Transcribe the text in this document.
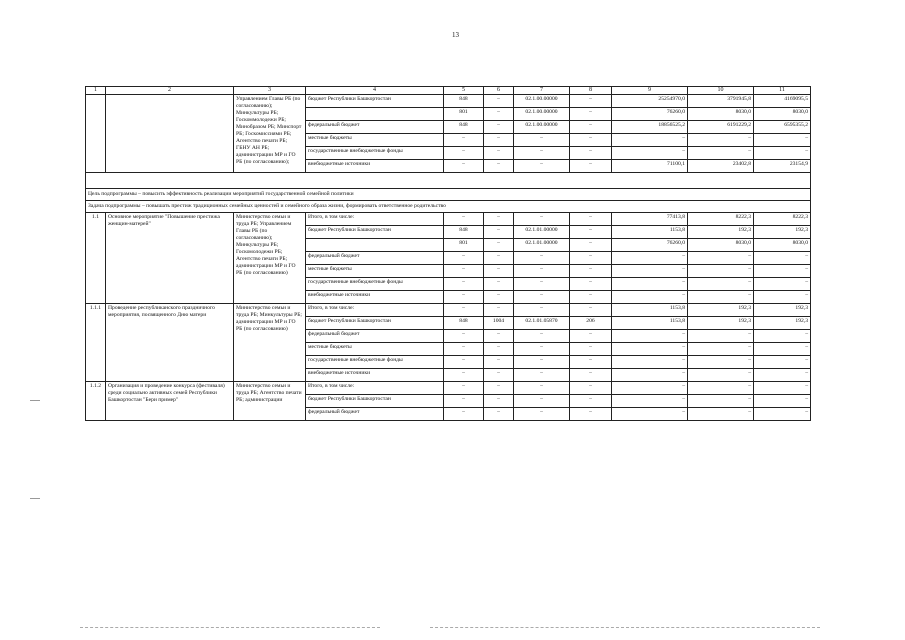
13
1	2	3	4	5	6	7	8	9	10	11
		Управлением Главы РБ (по согласованию); Минкультуры РБ; Госкоммолодежи РБ; Минобразом РБ; Минспорт РБ; Госкомиссиями РБ; Агентство печати РБ; ГБНУ АН РБ; администрации МР и ГО РБ (по согласованию);	бюджет Республики Башкортостан	848	–	02.1.00.00000	–	25254970,0	3791945,8	4169095,5
				801	–	02.1.00.00000	–	76260,0	8030,0	8030,0
			федеральный бюджет	848	–	02.1.00.00000	–	18856525,2	6191229,2	6595355,2
			местные бюджеты	–	–	–	–	–	–	–
			государственные внебюджетные фонды	–	–	–	–	–	–	–
			внебюджетные источники	–	–	–	–	71100,1	23402,8	23154,9

Цель подпрограммы – повысить эффективность реализации мероприятий государственной семейной политики										
Задача подпрограммы – повышать престиж традиционных семейных ценностей и семейного образа жизни, формировать ответственное родительство										
1.1	Основное мероприятие "Повышение престижа женщин-матерей"	Министерство семьи и труда РБ; Управлением Главы РБ (по согласованию); Минкультуры РБ; Госкомолодежи РБ; Агентство печати РБ; администрации МР и ГО РБ (по согласованию)	Итого, в том числе:	–	–	–	–	77413,8	8222,3	8222,3
			бюджет Республики Башкортостан	848	–	02.1.01.00000	–	1153,8	192,3	192,3
				801	–	02.1.01.00000	–	76260,0	8030,0	8030,0
			федеральный бюджет	–	–	–	–	–	–	–
			местные бюджеты	–	–	–	–	–	–	–
			государственные внебюджетные фонды	–	–	–	–	–	–	–
			внебюджетные источники	–	–	–	–	–	–	–
1.1.1	Проведение республиканского праздничного мероприятия, посвященного Дню матери	Министерство семьи и труда РБ; Минкультуры РБ; администрации МР и ГО РБ (по согласованию)	Итого, в том числе:	–	–	–	–	1153,8	192,3	192,3
			бюджет Республики Башкортостан	848	1004	02.1.01.05870	206	1153,8	192,3	192,3
			федеральный бюджет	–	–	–	–	–	–	–
			местные бюджеты	–	–	–	–	–	–	–
			государственные внебюджетные фонды	–	–	–	–	–	–	–
			внебюджетные источники	–	–	–	–	–	–	–
1.1.2	Организация и проведение конкурса (фестиваля) среди социально активных семей Республики Башкортостан "Бери пример"	Министерство семьи и труда РБ; Агентство печати РБ; администрации	Итого, в том числе:	–	–	–	–	–	–	–
			бюджет Республики Башкортостан	–	–	–	–	–	–	–
			федеральный бюджет	–	–	–	–	–	–	–
